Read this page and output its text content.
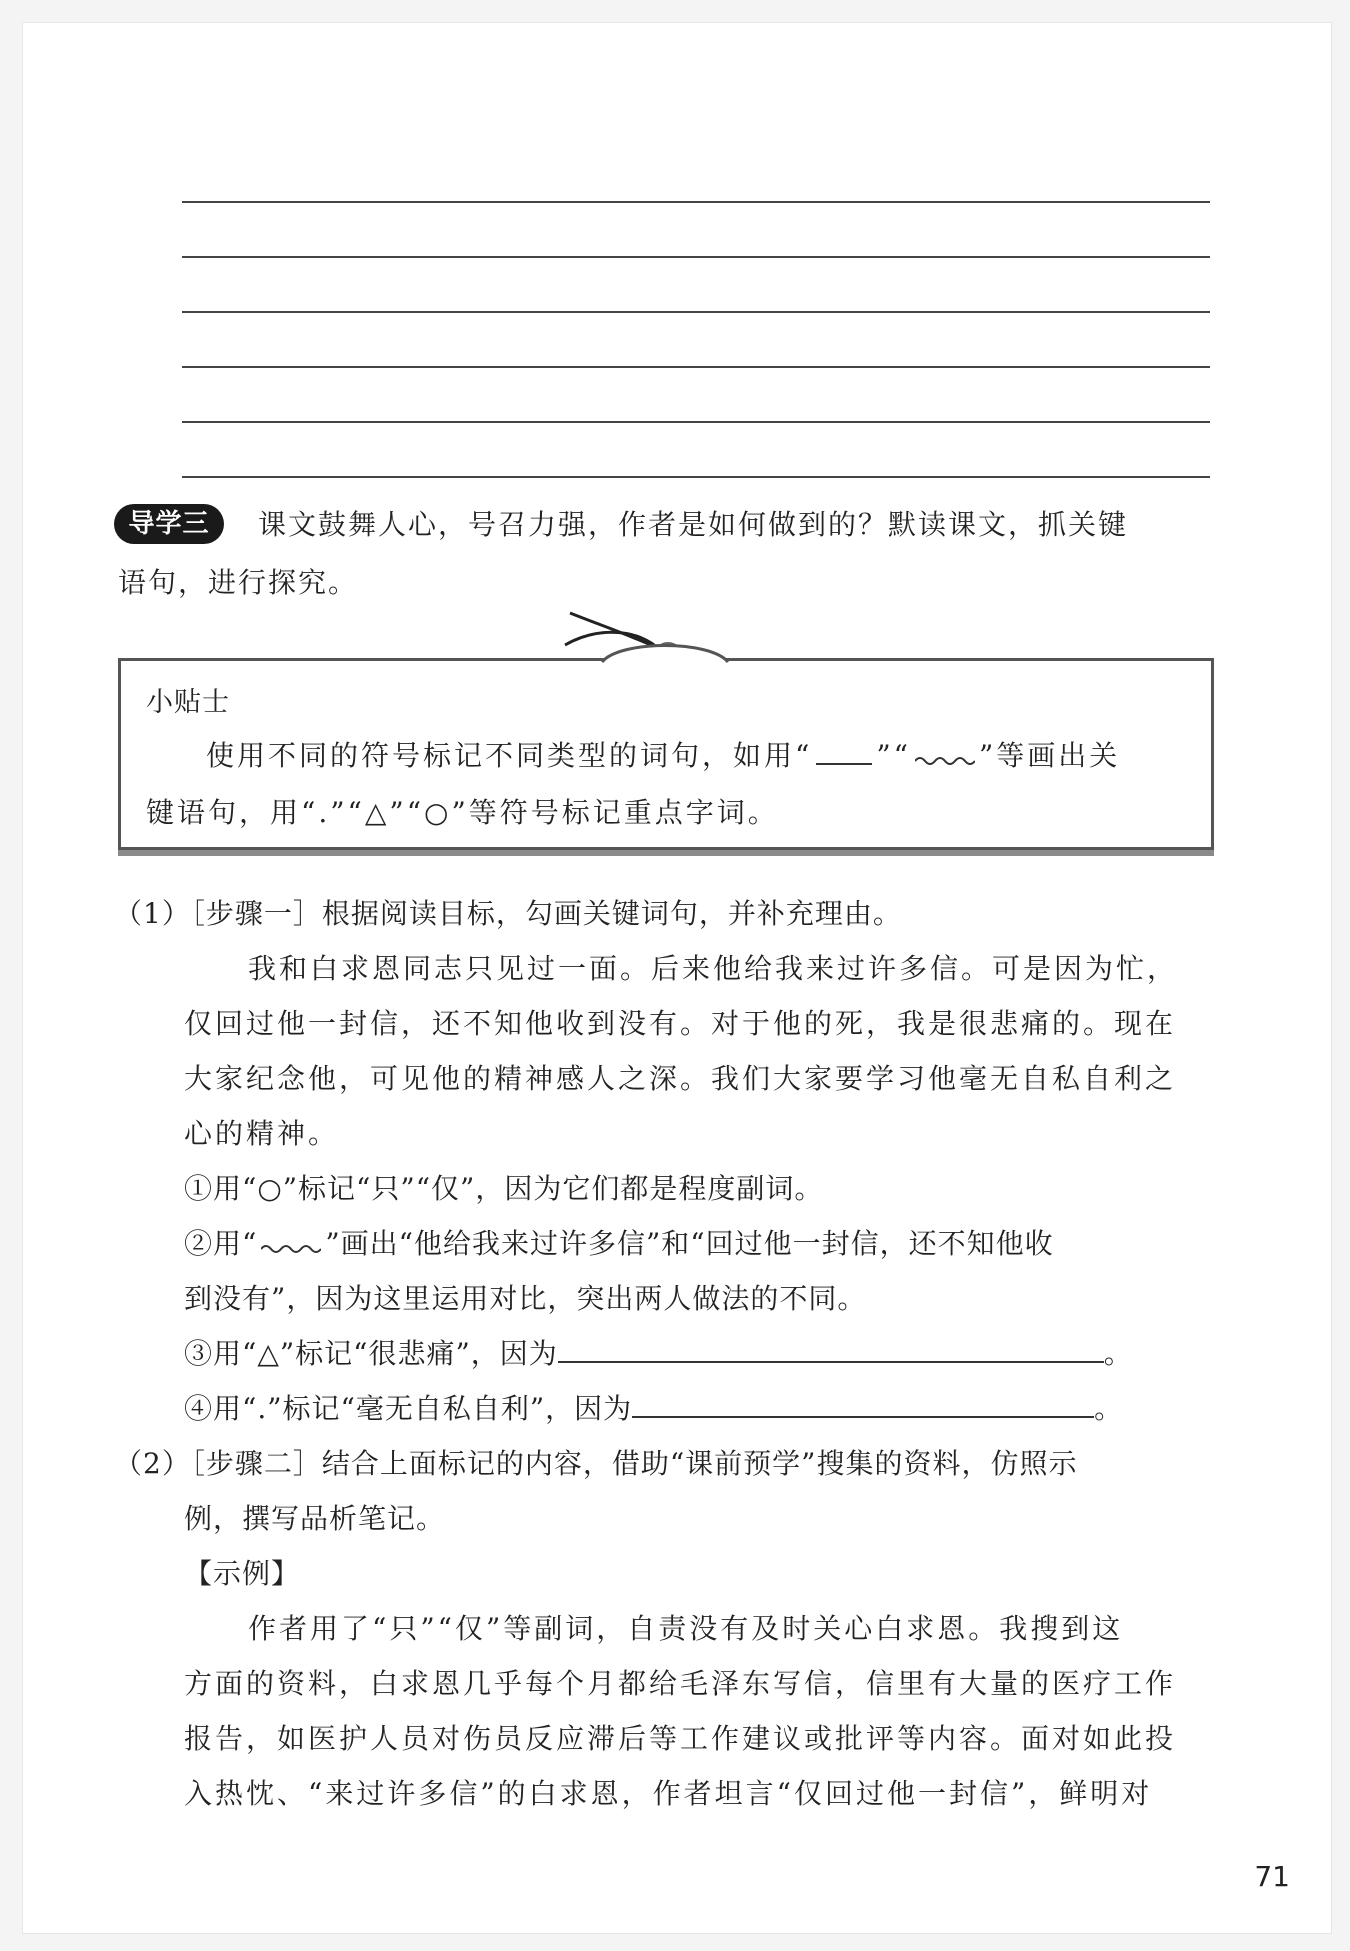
导学三	课文鼓舞人心，号召力强，作者是如何做到的？默读课文，抓关键
语句，进行探究。
小贴士
使用不同的符号标记不同类型的词句，如用“ ”“ ”等画出关
键语句，用“.”“△”“○”等符号标记重点字词。
（1）［步骤一］根据阅读目标，勾画关键词句，并补充理由。
我和白求恩同志只见过一面。后来他给我来过许多信。可是因为忙，
仅回过他一封信，还不知他收到没有。对于他的死，我是很悲痛的。现在
大家纪念他，可见他的精神感人之深。我们大家要学习他毫无自私自利之
心的精神。
①用“○”标记“只”“仅”，因为它们都是程度副词。
②用“ ”画出“他给我来过许多信”和“回过他一封信，还不知他收
到没有”，因为这里运用对比，突出两人做法的不同。
③用“△”标记“很悲痛”，因为	。
④用“.”标记“毫无自私自利”，因为	。
（2）［步骤二］结合上面标记的内容，借助“课前预学”搜集的资料，仿照示
例，撰写品析笔记。
【示例】
作者用了“只”“仅”等副词，自责没有及时关心白求恩。我搜到这
方面的资料，白求恩几乎每个月都给毛泽东写信，信里有大量的医疗工作
报告，如医护人员对伤员反应滞后等工作建议或批评等内容。面对如此投
入热忱、“来过许多信”的白求恩，作者坦言“仅回过他一封信”，鲜明对
71
